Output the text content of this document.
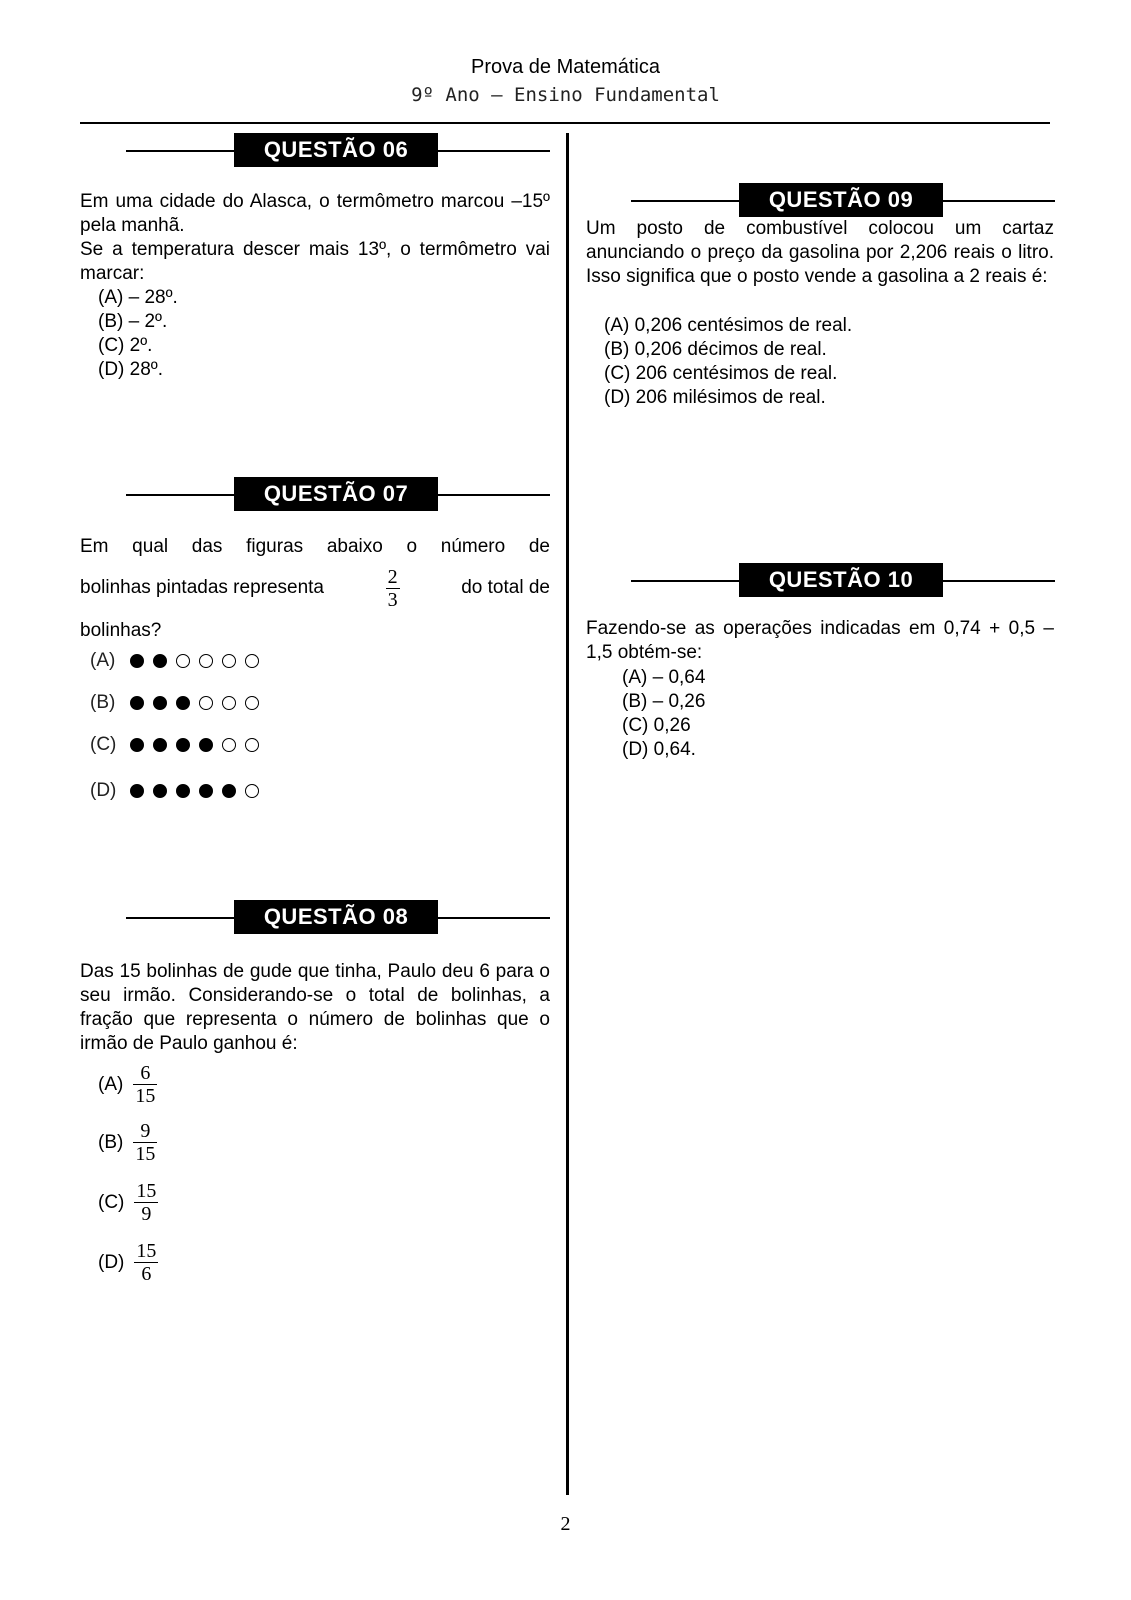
Prova de Matemática
9º Ano – Ensino Fundamental
QUESTÃO 06
Em uma cidade do Alasca, o termômetro marcou –15º pela manhã.
Se a temperatura descer mais 13º, o termômetro vai marcar:
(A) – 28º.
(B) – 2º.
(C) 2º.
(D) 28º.
QUESTÃO 07
Em qual das figuras abaixo o número de
bolinhas pintadas representa	$\frac{2}{3}$	do total de
bolinhas?
(A)
(B)
(C)
(D)
QUESTÃO 08
Das 15 bolinhas de gude que tinha, Paulo deu 6 para o seu irmão. Considerando-se o total de bolinhas, a fração que representa o número de bolinhas que o irmão de Paulo ganhou é:
$(A) \frac{6}{15}$
$(B) \frac{9}{15}$
$(C) \frac{15}{9}$
$(D) \frac{15}{6}$
QUESTÃO 09
Um posto de combustível colocou um cartaz anunciando o preço da gasolina por 2,206 reais o litro. Isso significa que o posto vende a gasolina a 2 reais é:
(A) 0,206 centésimos de real.
(B) 0,206 décimos de real.
(C) 206 centésimos de real.
(D) 206 milésimos de real.
QUESTÃO 10
Fazendo-se as operações indicadas em 0,74 + 0,5 – 1,5 obtém-se:
(A) – 0,64
(B) – 0,26
(C) 0,26
(D) 0,64.
2
